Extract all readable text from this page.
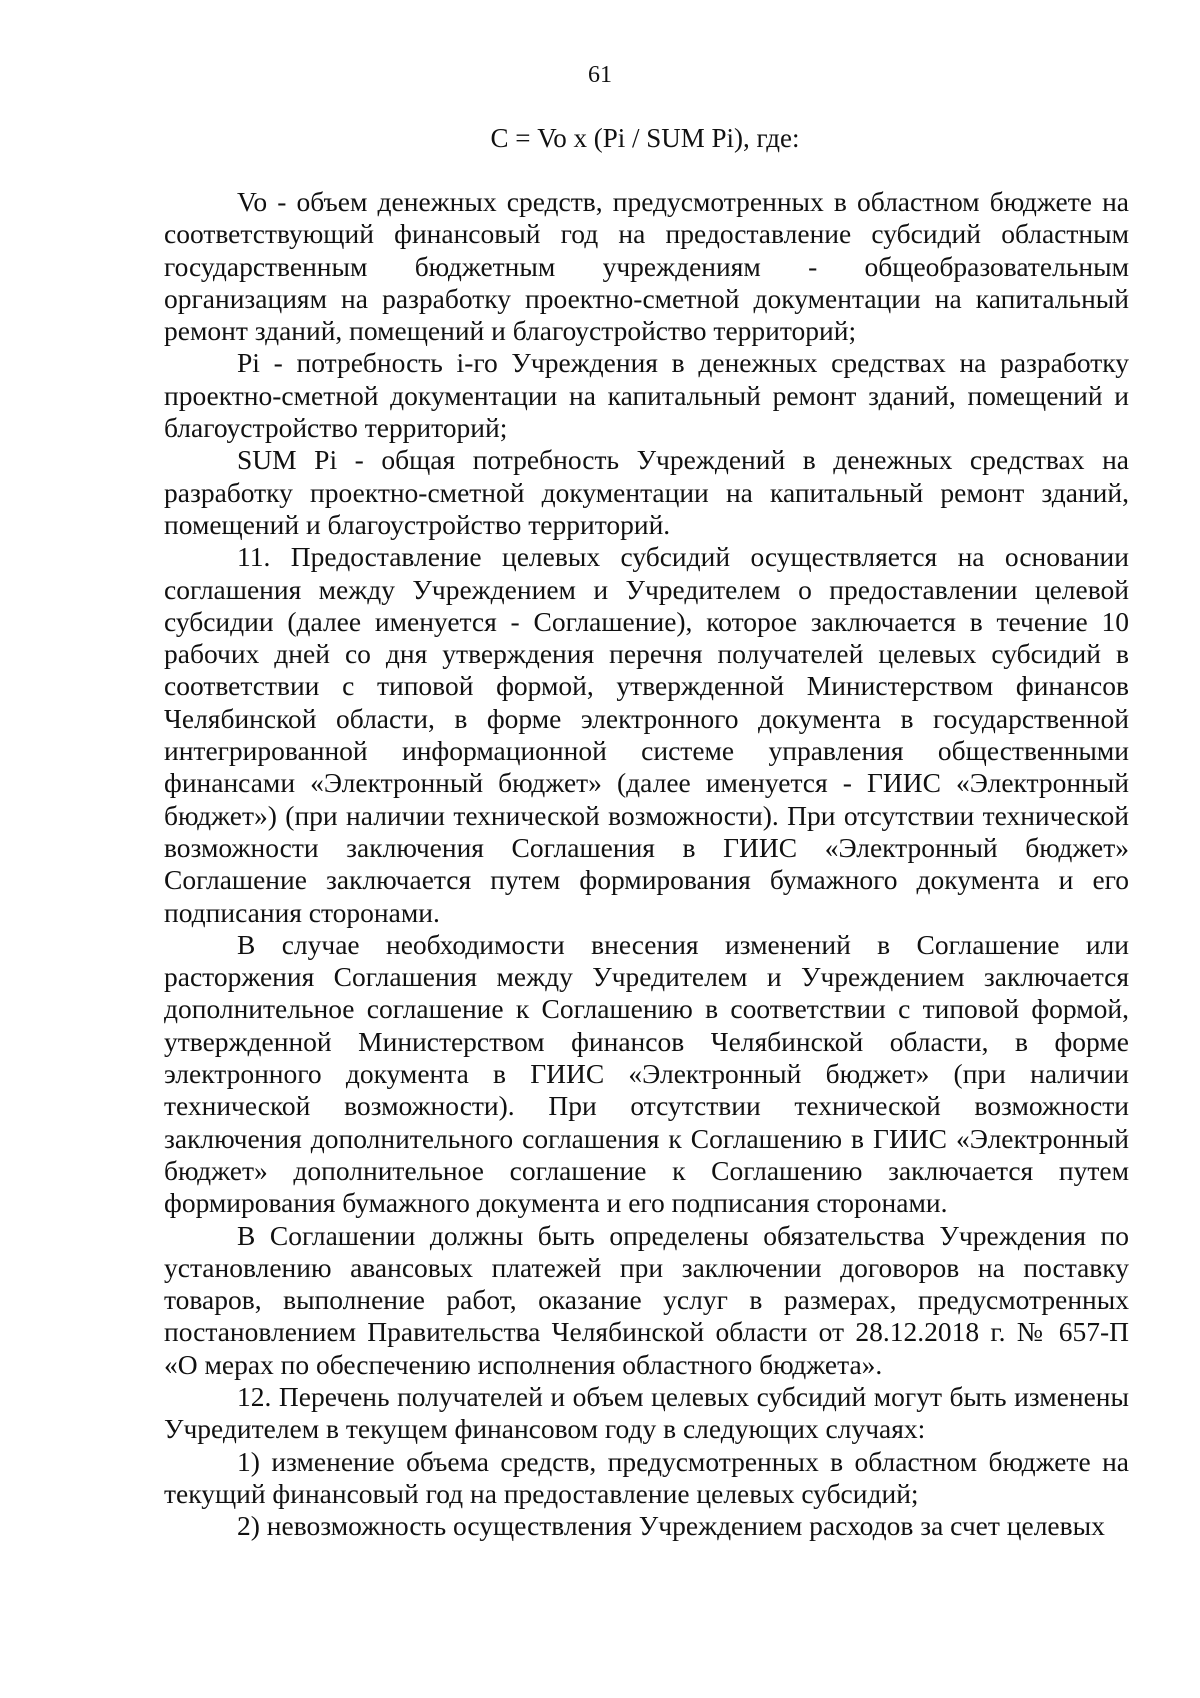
61
С = Vo x (Pi / SUM Pi), где:

Vo - объем денежных средств, предусмотренных в областном бюджете на соответствующий финансовый год на предоставление субсидий областным государственным бюджетным учреждениям - общеобразовательным организациям на разработку проектно-сметной документации на капитальный ремонт зданий, помещений и благоустройство территорий;

Pi - потребность i-го Учреждения в денежных средствах на разработку проектно-сметной документации на капитальный ремонт зданий, помещений и благоустройство территорий;

SUM Pi - общая потребность Учреждений в денежных средствах на разработку проектно-сметной документации на капитальный ремонт зданий, помещений и благоустройство территорий.

11. Предоставление целевых субсидий осуществляется на основании соглашения между Учреждением и Учредителем о предоставлении целевой субсидии (далее именуется - Соглашение), которое заключается в течение 10 рабочих дней со дня утверждения перечня получателей целевых субсидий в соответствии с типовой формой, утвержденной Министерством финансов Челябинской области, в форме электронного документа в государственной интегрированной информационной системе управления общественными финансами «Электронный бюджет» (далее именуется - ГИИС «Электронный бюджет») (при наличии технической возможности). При отсутствии технической возможности заключения Соглашения в ГИИС «Электронный бюджет» Соглашение заключается путем формирования бумажного документа и его подписания сторонами.

В случае необходимости внесения изменений в Соглашение или расторжения Соглашения между Учредителем и Учреждением заключается дополнительное соглашение к Соглашению в соответствии с типовой формой, утвержденной Министерством финансов Челябинской области, в форме электронного документа в ГИИС «Электронный бюджет» (при наличии технической возможности). При отсутствии технической возможности заключения дополнительного соглашения к Соглашению в ГИИС «Электронный бюджет» дополнительное соглашение к Соглашению заключается путем формирования бумажного документа и его подписания сторонами.

В Соглашении должны быть определены обязательства Учреждения по установлению авансовых платежей при заключении договоров на поставку товаров, выполнение работ, оказание услуг в размерах, предусмотренных постановлением Правительства Челябинской области от 28.12.2018 г. № 657-П «О мерах по обеспечению исполнения областного бюджета».

12. Перечень получателей и объем целевых субсидий могут быть изменены Учредителем в текущем финансовом году в следующих случаях:

1) изменение объема средств, предусмотренных в областном бюджете на текущий финансовый год на предоставление целевых субсидий;

2) невозможность осуществления Учреждением расходов за счет целевых
